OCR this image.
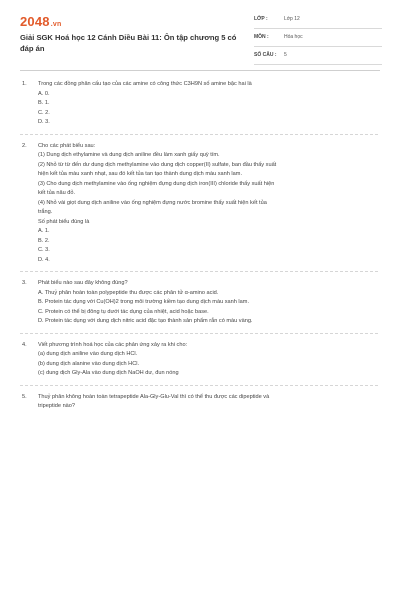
2048.vn
Giải SGK Hoá học 12 Cánh Diều Bài 11: Ôn tập chương 5 có đáp án
LỚP :	Lớp 12
MÔN :	Hóa học
SỐ CÂU : 5
1. Trong các đồng phân cấu tạo của các amine có công thức C3H9N số amine bậc hai là
A. 0.
B. 1.
C. 2.
D. 3.
2. Cho các phát biểu sau:
(1) Dung dịch ethylamine và dung dịch aniline đều làm xanh giấy quỳ tím.
(2) Nhỏ từ từ đến dư dung dịch methylamine vào dung dịch copper(II) sulfate, ban đầu thấy xuất
hiện kết tủa màu xanh nhạt, sau đó kết tủa tan tạo thành dung dịch màu xanh lam.
(3) Cho dung dịch methylamine vào ống nghiệm đựng dung dịch iron(III) chloride thấy xuất hiện
kết tủa nâu đỏ.
(4) Nhỏ vài giọt dung dịch aniline vào ống nghiệm đựng nước bromine thấy xuất hiện kết tủa
trắng.
Số phát biểu đúng là
A. 1.
B. 2.
C. 3.
D. 4.
3. Phát biểu nào sau đây không đúng?
A. Thuỷ phân hoàn toàn polypeptide thu được các phân tử α-amino acid.
B. Protein tác dụng với Cu(OH)2 trong môi trường kiềm tạo dung dịch màu xanh lam.
C. Protein có thể bị đông tụ dưới tác dụng của nhiệt, acid hoặc base.
D. Protein tác dụng với dung dịch nitric acid đặc tạo thành sản phẩm rắn có màu vàng.
4. Viết phương trình hoá học của các phản ứng xảy ra khi cho:
(a) dung dịch aniline vào dung dịch HCl.
(b) dung dịch alanine vào dung dịch HCl.
(c) dung dịch Gly-Ala vào dung dịch NaOH dư, đun nóng
5. Thuỷ phân không hoàn toàn tetrapeptide Ala-Gly-Glu-Val thì có thể thu được các dipeptide và
tripeptide nào?
